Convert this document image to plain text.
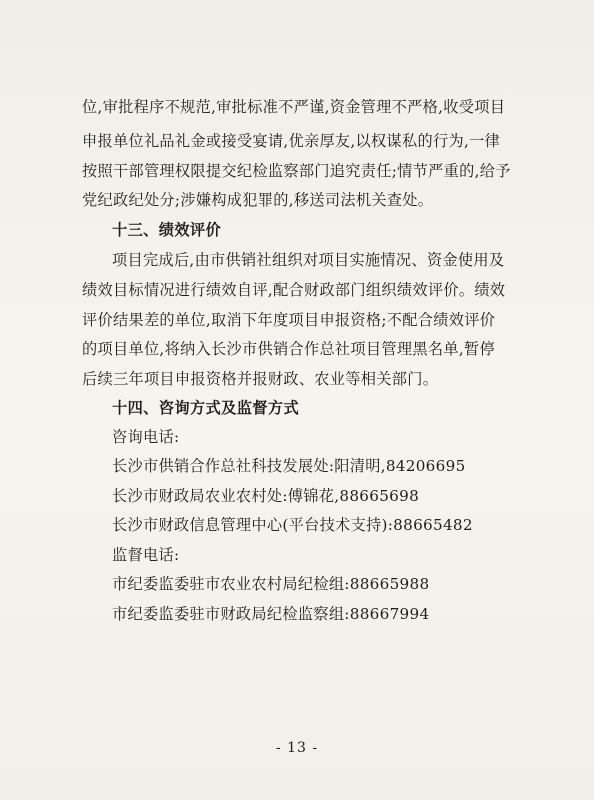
位,审批程序不规范,审批标准不严谨,资金管理不严格,收受项目
申报单位礼品礼金或接受宴请,优亲厚友,以权谋私的行为,一律
按照干部管理权限提交纪检监察部门追究责任;情节严重的,给予
党纪政纪处分;涉嫌构成犯罪的,移送司法机关查处。
十三、绩效评价
项目完成后,由市供销社组织对项目实施情况、资金使用及
绩效目标情况进行绩效自评,配合财政部门组织绩效评价。绩效
评价结果差的单位,取消下年度项目申报资格;不配合绩效评价
的项目单位,将纳入长沙市供销合作总社项目管理黑名单,暂停
后续三年项目申报资格并报财政、农业等相关部门。
十四、咨询方式及监督方式
咨询电话:
长沙市供销合作总社科技发展处:阳清明,84206695
长沙市财政局农业农村处:傅锦花,88665698
长沙市财政信息管理中心(平台技术支持):88665482
监督电话:
市纪委监委驻市农业农村局纪检组:88665988
市纪委监委驻市财政局纪检监察组:88667994
- 13 -
